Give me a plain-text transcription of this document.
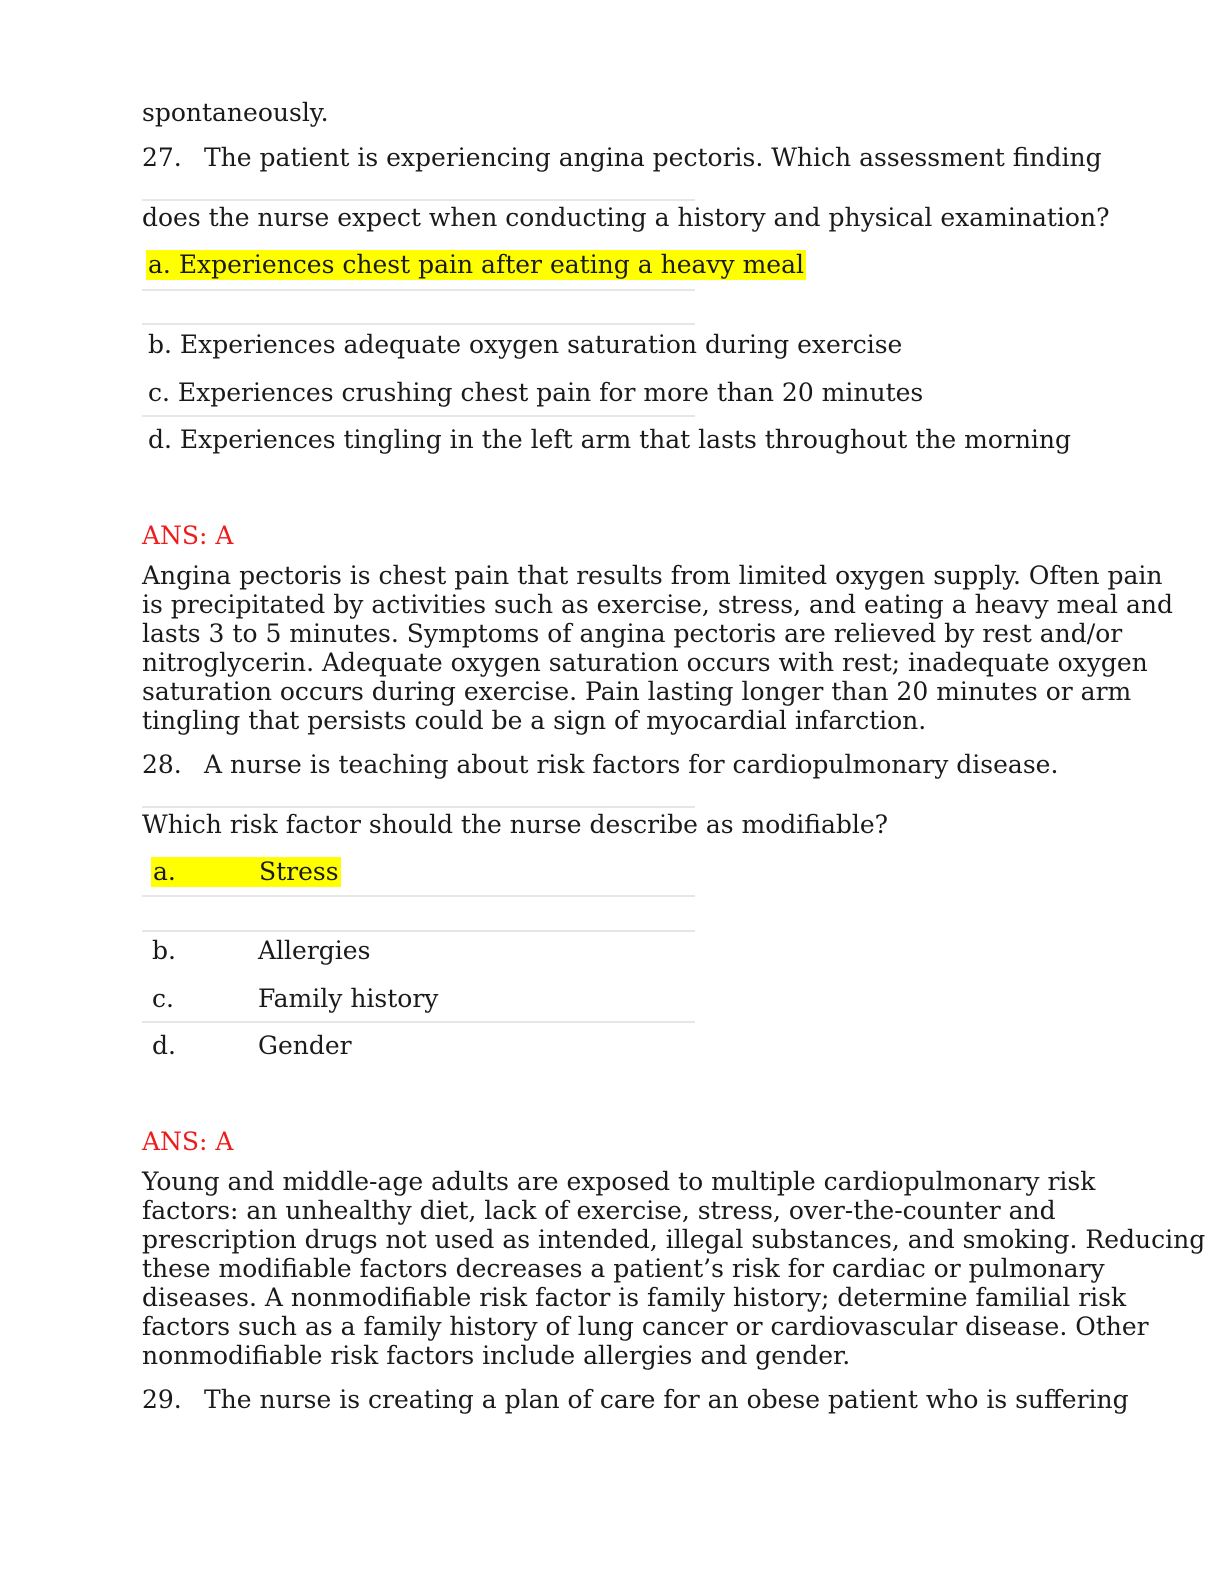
spontaneously.
27. The patient is experiencing angina pectoris. Which assessment finding
does the nurse expect when conducting a history and physical examination?
a. Experiences chest pain after eating a heavy meal
b. Experiences adequate oxygen saturation during exercise
c. Experiences crushing chest pain for more than 20 minutes
d. Experiences tingling in the left arm that lasts throughout the morning
ANS: A
Angina pectoris is chest pain that results from limited oxygen supply. Often pain
is precipitated by activities such as exercise, stress, and eating a heavy meal and
lasts 3 to 5 minutes. Symptoms of angina pectoris are relieved by rest and/or
nitroglycerin. Adequate oxygen saturation occurs with rest; inadequate oxygen
saturation occurs during exercise. Pain lasting longer than 20 minutes or arm
tingling that persists could be a sign of myocardial infarction.
28. A nurse is teaching about risk factors for cardiopulmonary disease.
Which risk factor should the nurse describe as modifiable?
a.	Stress
b.	Allergies
c.	Family history
d.	Gender
ANS: A
Young and middle-age adults are exposed to multiple cardiopulmonary risk
factors: an unhealthy diet, lack of exercise, stress, over-the-counter and
prescription drugs not used as intended, illegal substances, and smoking. Reducing
these modifiable factors decreases a patient’s risk for cardiac or pulmonary
diseases. A nonmodifiable risk factor is family history; determine familial risk
factors such as a family history of lung cancer or cardiovascular disease. Other
nonmodifiable risk factors include allergies and gender.
29. The nurse is creating a plan of care for an obese patient who is suffering
